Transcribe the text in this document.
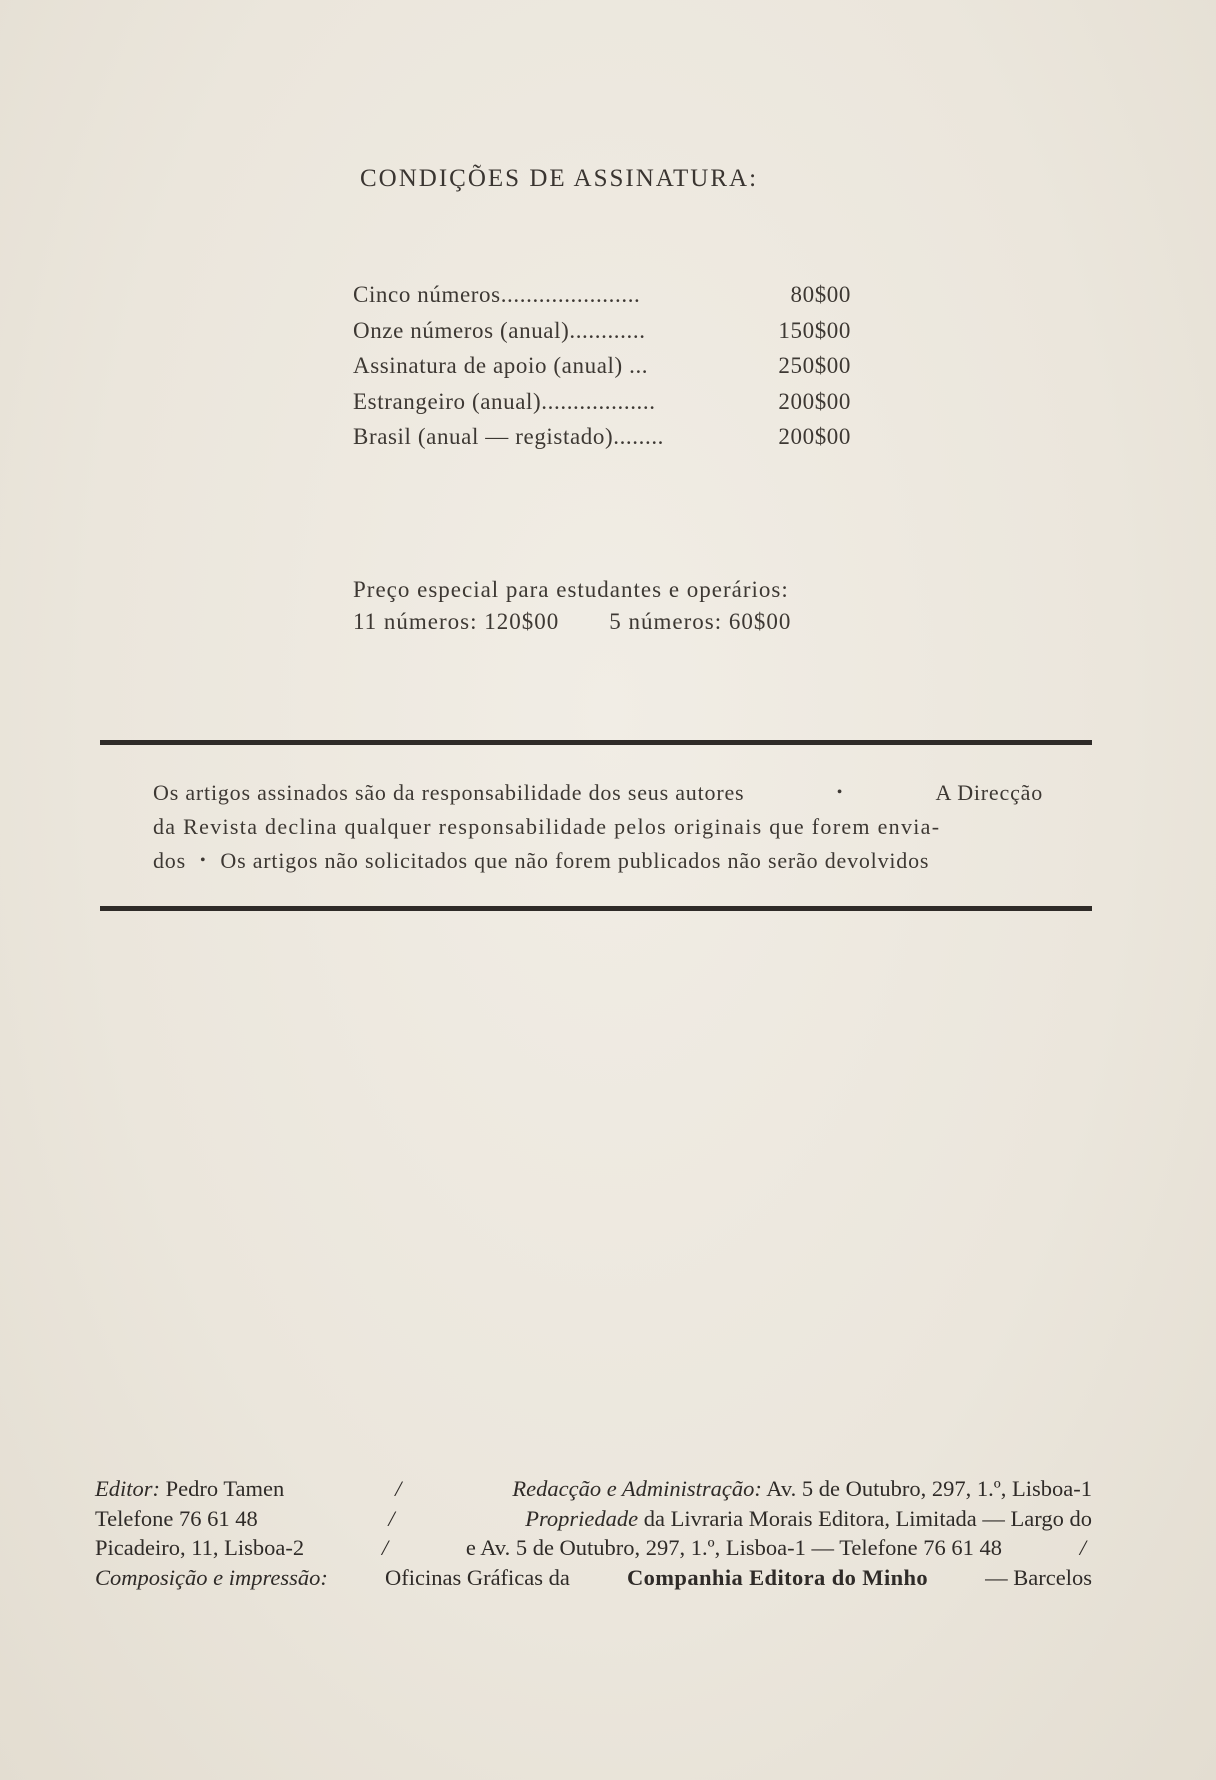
CONDIÇÕES DE ASSINATURA:
Cinco números......................	80$00
Onze números (anual)............	150$00
Assinatura de apoio (anual) ...	250$00
Estrangeiro (anual)..................	200$00
Brasil (anual — registado)........	200$00
Preço especial para estudantes e operários:
11 números: 120$00 5 números: 60$00
Os artigos assinados são da responsabilidade dos seus autores	•	A Direcção
da Revista declina qualquer responsabilidade pelos originais que forem envia-
dos • Os artigos não solicitados que não forem publicados não serão devolvidos
Editor: Pedro Tamen	/	Redacção e Administração: Av. 5 de Outubro, 297, 1.º, Lisboa-1
Telefone 76 61 48	/	Propriedade da Livraria Morais Editora, Limitada — Largo do
Picadeiro, 11, Lisboa-2	/	e Av. 5 de Outubro, 297, 1.º, Lisboa-1 — Telefone 76 61 48	/
Composição e impressão:	Oficinas Gráficas da	Companhia Editora do Minho	— Barcelos
